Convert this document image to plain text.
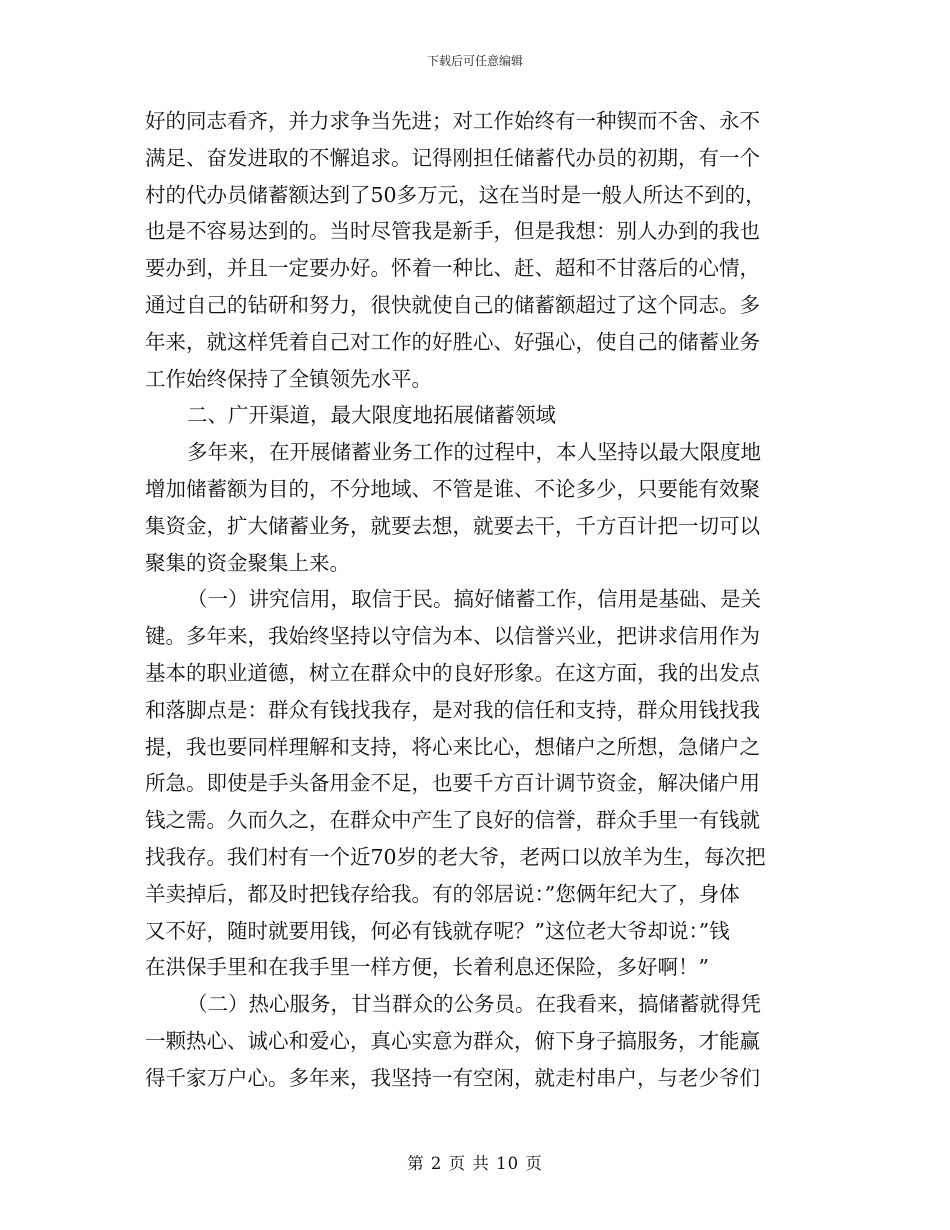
下载后可任意编辑
好的同志看齐，并力求争当先进；对工作始终有一种锲而不舍、永不
满足、奋发进取的不懈追求。记得刚担任储蓄代办员的初期，有一个
村的代办员储蓄额达到了50多万元，这在当时是一般人所达不到的，
也是不容易达到的。当时尽管我是新手，但是我想：别人办到的我也
要办到，并且一定要办好。怀着一种比、赶、超和不甘落后的心情，
通过自己的钻研和努力，很快就使自己的储蓄额超过了这个同志。多
年来，就这样凭着自己对工作的好胜心、好强心，使自己的储蓄业务
工作始终保持了全镇领先水平。
二、广开渠道，最大限度地拓展储蓄领域
多年来，在开展储蓄业务工作的过程中，本人坚持以最大限度地
增加储蓄额为目的，不分地域、不管是谁、不论多少，只要能有效聚
集资金，扩大储蓄业务，就要去想，就要去干，千方百计把一切可以
聚集的资金聚集上来。
（一）讲究信用，取信于民。搞好储蓄工作，信用是基础、是关
键。多年来，我始终坚持以守信为本、以信誉兴业，把讲求信用作为
基本的职业道德，树立在群众中的良好形象。在这方面，我的出发点
和落脚点是：群众有钱找我存，是对我的信任和支持，群众用钱找我
提，我也要同样理解和支持，将心来比心，想储户之所想，急储户之
所急。即使是手头备用金不足，也要千方百计调节资金，解决储户用
钱之需。久而久之，在群众中产生了良好的信誉，群众手里一有钱就
找我存。我们村有一个近70岁的老大爷，老两口以放羊为生，每次把
羊卖掉后，都及时把钱存给我。有的邻居说：”您俩年纪大了，身体
又不好，随时就要用钱，何必有钱就存呢？”这位老大爷却说：”钱
在洪保手里和在我手里一样方便，长着利息还保险，多好啊！”
（二）热心服务，甘当群众的公务员。在我看来，搞储蓄就得凭
一颗热心、诚心和爱心，真心实意为群众，俯下身子搞服务，才能赢
得千家万户心。多年来，我坚持一有空闲，就走村串户，与老少爷们
第 2 页 共 10 页
